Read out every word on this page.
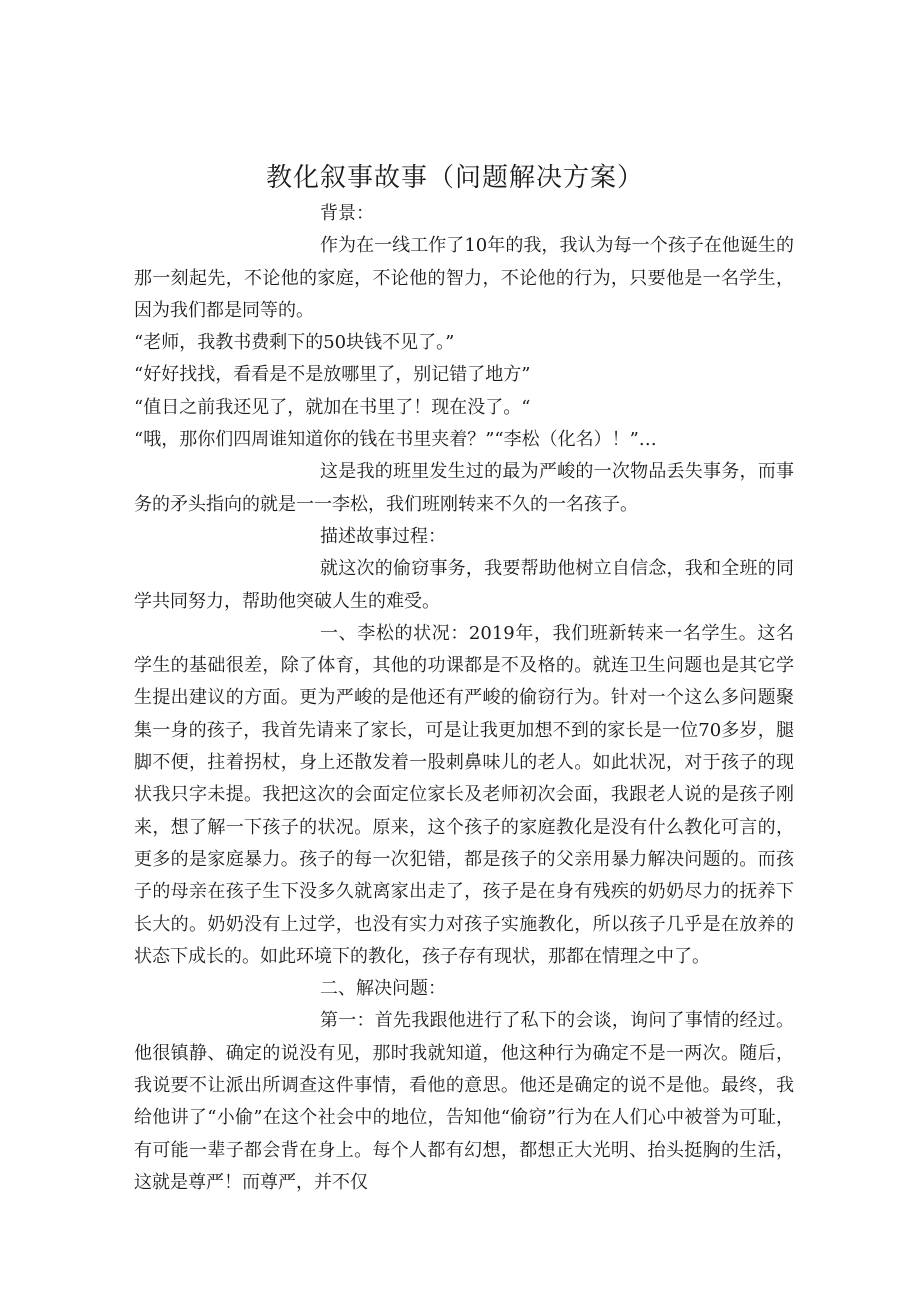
教化叙事故事（问题解决方案）

背景：

作为在一线工作了10年的我，我认为每一个孩子在他诞生的那一刻起先，不论他的家庭，不论他的智力，不论他的行为，只要他是一名学生，因为我们都是同等的。

“老师，我教书费剩下的50块钱不见了。”

“好好找找，看看是不是放哪里了，别记错了地方”

“值日之前我还见了，就加在书里了！现在没了。“

“哦，那你们四周谁知道你的钱在书里夹着？”“李松（化名）！”…

这是我的班里发生过的最为严峻的一次物品丢失事务，而事务的矛头指向的就是一一李松，我们班刚转来不久的一名孩子。

描述故事过程：

就这次的偷窃事务，我要帮助他树立自信念，我和全班的同学共同努力，帮助他突破人生的难受。

一、李松的状况：2019年，我们班新转来一名学生。这名学生的基础很差，除了体育，其他的功课都是不及格的。就连卫生问题也是其它学生提出建议的方面。更为严峻的是他还有严峻的偷窃行为。针对一个这么多问题聚集一身的孩子，我首先请来了家长，可是让我更加想不到的家长是一位70多岁，腿脚不便，拄着拐杖，身上还散发着一股刺鼻味儿的老人。如此状况，对于孩子的现状我只字未提。我把这次的会面定位家长及老师初次会面，我跟老人说的是孩子刚来，想了解一下孩子的状况。原来，这个孩子的家庭教化是没有什么教化可言的，更多的是家庭暴力。孩子的每一次犯错，都是孩子的父亲用暴力解决问题的。而孩子的母亲在孩子生下没多久就离家出走了，孩子是在身有残疾的奶奶尽力的抚养下长大的。奶奶没有上过学，也没有实力对孩子实施教化，所以孩子几乎是在放养的状态下成长的。如此环境下的教化，孩子存有现状，那都在情理之中了。

二、解决问题：

第一：首先我跟他进行了私下的会谈，询问了事情的经过。他很镇静、确定的说没有见，那时我就知道，他这种行为确定不是一两次。随后，我说要不让派出所调查这件事情，看他的意思。他还是确定的说不是他。最终，我给他讲了“小偷”在这个社会中的地位，告知他“偷窃”行为在人们心中被誉为可耻，有可能一辈子都会背在身上。每个人都有幻想，都想正大光明、抬头挺胸的生活，这就是尊严！而尊严，并不仅
